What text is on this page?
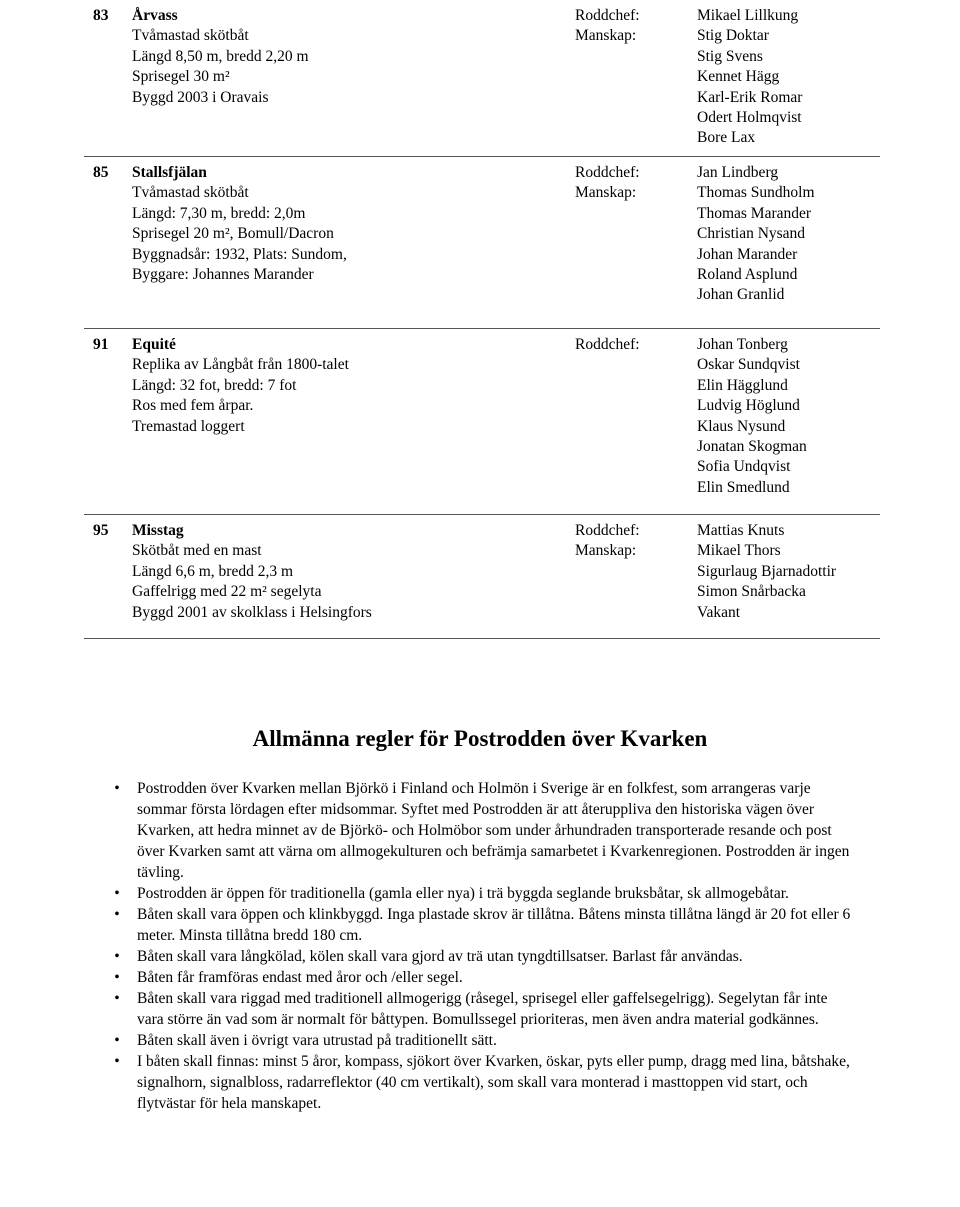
83 Årvass
Tvåmastad skötbåt
Längd 8,50 m, bredd 2,20 m
Sprisegel 30 m²
Byggd 2003 i Oravais
Roddchef:
Manskap:
Mikael Lillkung
Stig Doktar
Stig Svens
Kennet Hägg
Karl-Erik Romar
Odert Holmqvist
Bore Lax
85 Stallsfjälan
Tvåmastad skötbåt
Längd: 7,30 m, bredd: 2,0m
Sprisegel 20 m², Bomull/Dacron
Byggnadsår: 1932, Plats: Sundom,
Byggare: Johannes Marander
Roddchef:
Manskap:
Jan Lindberg
Thomas Sundholm
Thomas Marander
Christian Nysand
Johan Marander
Roland Asplund
Johan Granlid
91 Equité
Replika av Långbåt från 1800-talet
Längd: 32 fot, bredd: 7 fot
Ros med fem årpar.
Tremastad loggert
Roddchef:	Johan Tonberg
Oskar Sundqvist
Elin Hägglund
Ludvig Höglund
Klaus Nysund
Jonatan Skogman
Sofia Undqvist
Elin Smedlund
95 Misstag
Skötbåt med en mast
Längd 6,6 m, bredd 2,3 m
Gaffelrigg med 22 m² segelyta
Byggd 2001 av skolklass i Helsingfors
Roddchef:
Manskap:
Mattias Knuts
Mikael Thors
Sigurlaug Bjarnadottir
Simon Snårbacka
Vakant
Allmänna regler för Postrodden över Kvarken
• Postrodden över Kvarken mellan Björkö i Finland och Holmön i Sverige är en folkfest, som arrangeras varje sommar första lördagen efter midsommar. Syftet med Postrodden är att återuppliva den historiska vägen över Kvarken, att hedra minnet av de Björkö- och Holmöbor som under århundraden transporterade resande och post över Kvarken samt att värna om allmogekulturen och befrämja samarbetet i Kvarkenregionen. Postrodden är ingen tävling.
• Postrodden är öppen för traditionella (gamla eller nya) i trä byggda seglande bruksbåtar, sk allmogebåtar.
• Båten skall vara öppen och klinkbyggd. Inga plastade skrov är tillåtna. Båtens minsta tillåtna längd är 20 fot eller 6 meter. Minsta tillåtna bredd 180 cm.
• Båten skall vara långkölad, kölen skall vara gjord av trä utan tyngdtillsatser. Barlast får användas.
• Båten får framföras endast med åror och /eller segel.
• Båten skall vara riggad med traditionell allmogerigg (råsegel, sprisegel eller gaffelsegelrigg). Segelytan får inte vara större än vad som är normalt för båttypen. Bomullssegel prioriteras, men även andra material godkännes.
• Båten skall även i övrigt vara utrustad på traditionellt sätt.
• I båten skall finnas: minst 5 åror, kompass, sjökort över Kvarken, öskar, pyts eller pump, dragg med lina, båtshake, signalhorn, signalbloss, radarreflektor (40 cm vertikalt), som skall vara monterad i masttoppen vid start, och flytvästar för hela manskapet.
